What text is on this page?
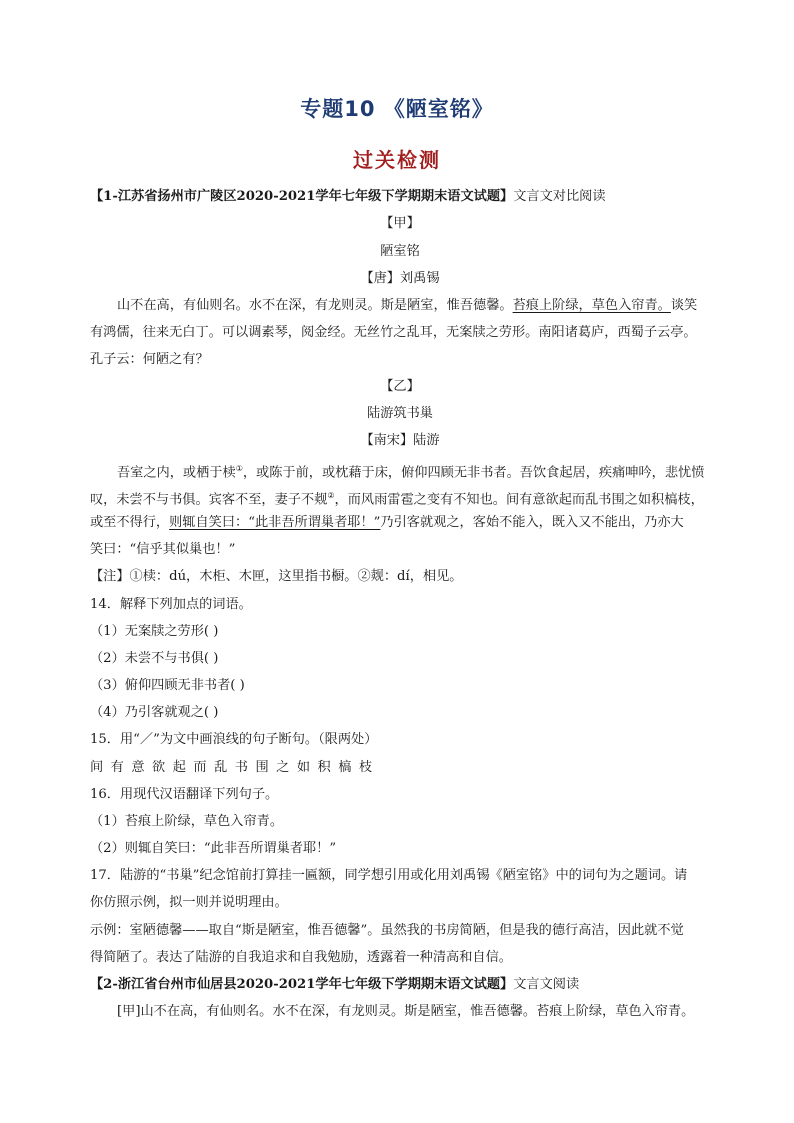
专题10 《陋室铭》
过关检测
【1-江苏省扬州市广陵区2020-2021学年七年级下学期期末语文试题】文言文对比阅读
【甲】
陋室铭
【唐】刘禹锡
山不在高，有仙则名。水不在深，有龙则灵。斯是陋室，惟吾德馨。苔痕上阶绿，草色入帘青。谈笑
有鸿儒，往来无白丁。可以调素琴，阅金经。无丝竹之乱耳，无案牍之劳形。南阳诸葛庐，西蜀子云亭。
孔子云：何陋之有？
【乙】
陆游筑书巢
【南宋】陆游
吾室之内，或栖于椟①，或陈于前，或枕藉于床，俯仰四顾无非书者。吾饮食起居，疾痛呻吟，悲忧愤
叹，未尝不与书俱。宾客不至，妻子不觌②，而风雨雷雹之变有不知也。间有意欲起而乱书围之如积槁枝，
或至不得行，则辄自笑曰：“此非吾所谓巢者耶！”乃引客就观之，客始不能入，既入又不能出，乃亦大
笑曰：“信乎其似巢也！”
【注】①椟：dú，木柜、木匣，这里指书橱。②觌：dí，相见。
14．解释下列加点的词语。
（1）无案牍之劳形( )
（2）未尝不与书俱( )
（3）俯仰四顾无非书者( )
（4）乃引客就观之( )
15．用“／”为文中画浪线的句子断句。（限两处）
间有意欲起而乱书围之如积槁枝
16．用现代汉语翻译下列句子。
（1）苔痕上阶绿，草色入帘青。
（2）则辄自笑曰：“此非吾所谓巢者耶！”
17．陆游的“书巢”纪念馆前打算挂一匾额，同学想引用或化用刘禹锡《陋室铭》中的词句为之题词。请
你仿照示例，拟一则并说明理由。
示例：室陋德馨——取自“斯是陋室，惟吾德馨”。虽然我的书房简陋，但是我的德行高洁，因此就不觉
得简陋了。表达了陆游的自我追求和自我勉励，透露着一种清高和自信。
【2-浙江省台州市仙居县2020-2021学年七年级下学期期末语文试题】文言文阅读
[甲]山不在高，有仙则名。水不在深，有龙则灵。斯是陋室，惟吾德馨。苔痕上阶绿，草色入帘青。
